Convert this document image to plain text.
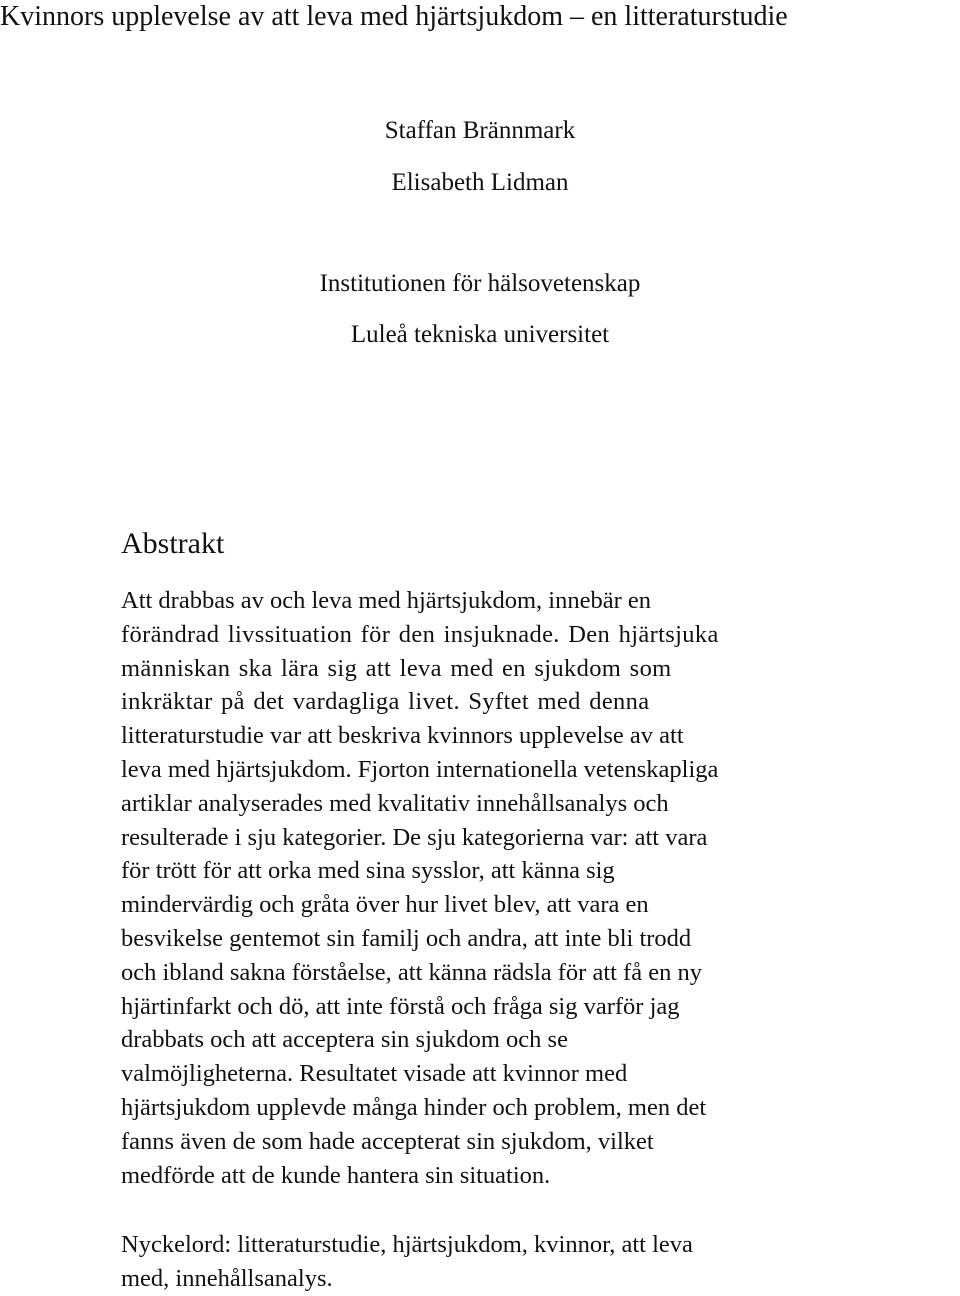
Kvinnors upplevelse av att leva med hjärtsjukdom – en litteraturstudie

Staffan Brännmark

Elisabeth Lidman

Institutionen för hälsovetenskap

Luleå tekniska universitet

Abstrakt
Att drabbas av och leva med hjärtsjukdom, innebär en
förändrad livssituation för den insjuknade. Den hjärtsjuka
människan ska lära sig att leva med en sjukdom som
inkräktar på det vardagliga livet. Syftet med denna
litteraturstudie var att beskriva kvinnors upplevelse av att
leva med hjärtsjukdom. Fjorton internationella vetenskapliga
artiklar analyserades med kvalitativ innehållsanalys och
resulterade i sju kategorier. De sju kategorierna var: att vara
för trött för att orka med sina sysslor, att känna sig
mindervärdig och gråta över hur livet blev, att vara en
besvikelse gentemot sin familj och andra, att inte bli trodd
och ibland sakna förståelse, att känna rädsla för att få en ny
hjärtinfarkt och dö, att inte förstå och fråga sig varför jag
drabbats och att acceptera sin sjukdom och se
valmöjligheterna. Resultatet visade att kvinnor med
hjärtsjukdom upplevde många hinder och problem, men det
fanns även de som hade accepterat sin sjukdom, vilket
medförde att de kunde hantera sin situation.
Nyckelord: litteraturstudie, hjärtsjukdom, kvinnor, att leva
med, innehållsanalys.
